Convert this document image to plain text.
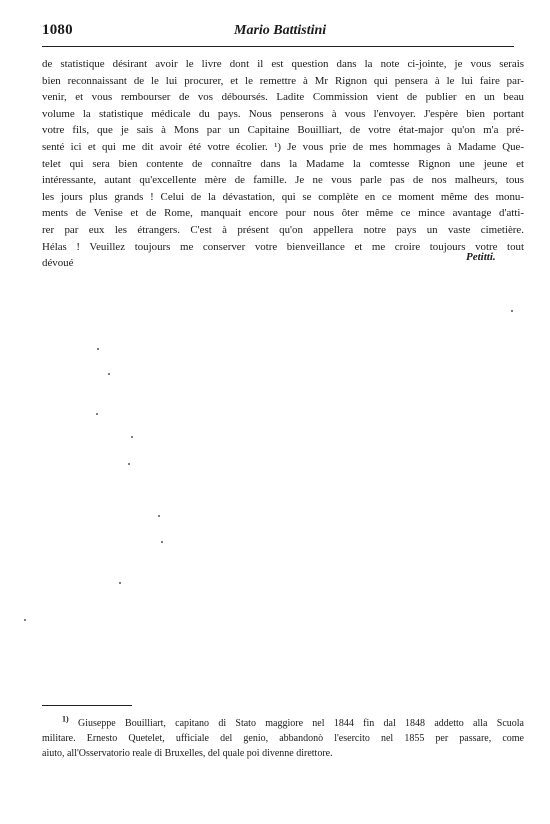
1080	Mario Battistini
de statistique désirant avoir le livre dont il est question dans la note ci-jointe, je vous serais
bien reconnaissant de le lui procurer, et le remettre à Mr Rignon qui pensera à le lui faire par-
venir, et vous rembourser de vos déboursés. Ladite Commission vient de publier en un beau
volume la statistique médicale du pays. Nous penserons à vous l'envoyer. J'espère bien portant
votre fils, que je sais à Mons par un Capitaine Bouilliart, de votre état-major qu'on m'a pré-
senté ici et qui me dit avoir été votre écolier. ¹) Je vous prie de mes hommages à Madame Que-
telet qui sera bien contente de connaître dans la Madame la comtesse Rignon une jeune et
intéressante, autant qu'excellente mère de famille. Je ne vous parle pas de nos malheurs, tous
les jours plus grands ! Celui de la dévastation, qui se complète en ce moment même des monu-
ments de Venise et de Rome, manquait encore pour nous ôter même ce mince avantage d'atti-
rer par eux les étrangers. C'est à présent qu'on appellera notre pays un vaste cimetière.
Hélas ! Veuillez toujours me conserver votre bienveillance et me croire toujours votre tout
dévoué
Petitti.
$^{1)}$ Giuseppe Bouilliart, capitano di Stato maggiore nel 1844 fin dal 1848 addetto alla Scuola
militare. Ernesto Quetelet, ufficiale del genio, abbandonò l'esercito nel 1855 per passare, come
aiuto, all'Osservatorio reale di Bruxelles, del quale poi divenne direttore.
